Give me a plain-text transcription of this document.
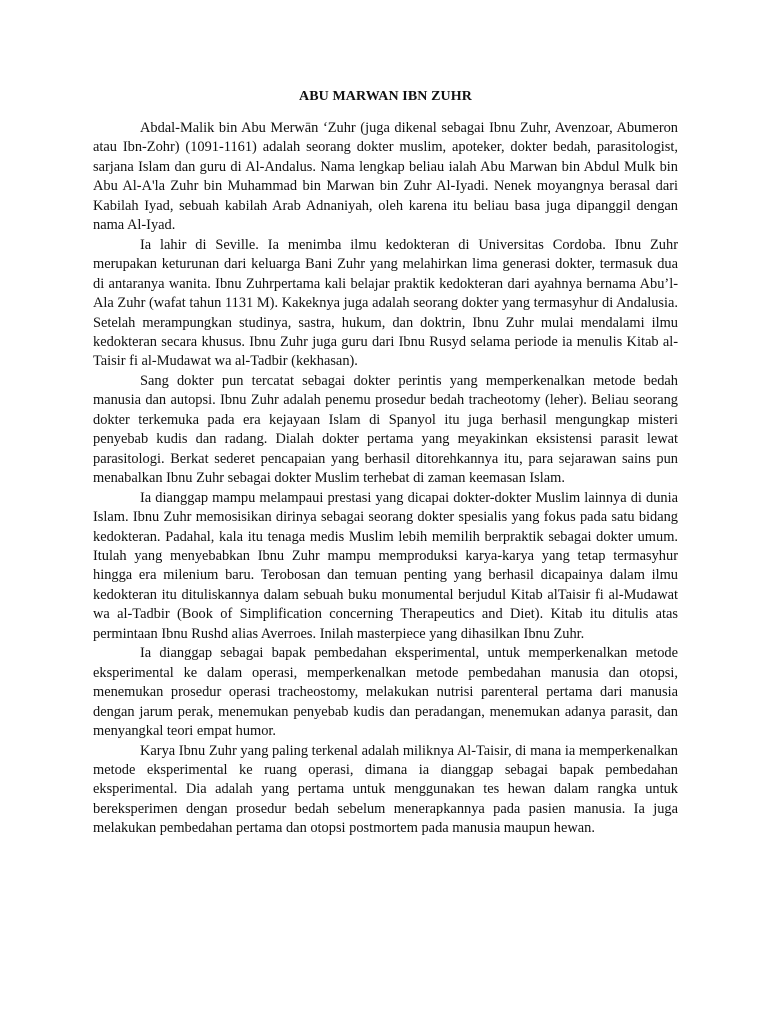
ABU MARWAN IBN ZUHR

Abdal-Malik bin Abu Merwān ‘Zuhr (juga dikenal sebagai Ibnu Zuhr, Avenzoar, Abumeron atau Ibn-Zohr) (1091-1161) adalah seorang dokter muslim, apoteker, dokter bedah, parasitologist, sarjana Islam dan guru di Al-Andalus. Nama lengkap beliau ialah Abu Marwan bin Abdul Mulk bin Abu Al-A'la Zuhr bin Muhammad bin Marwan bin Zuhr Al-Iyadi. Nenek moyangnya berasal dari Kabilah Iyad, sebuah kabilah Arab Adnaniyah, oleh karena itu beliau basa juga dipanggil dengan nama Al-Iyad.

Ia lahir di Seville. Ia menimba ilmu kedokteran di Universitas Cordoba. Ibnu Zuhr merupakan keturunan dari keluarga Bani Zuhr yang melahirkan lima generasi dokter, termasuk dua di antaranya wanita. Ibnu Zuhrpertama kali belajar praktik kedokteran dari ayahnya bernama Abu’l-Ala Zuhr (wafat tahun 1131 M). Kakeknya juga adalah seorang dokter yang termasyhur di Andalusia. Setelah merampungkan studinya, sastra, hukum, dan doktrin, Ibnu Zuhr mulai mendalami ilmu kedokteran secara khusus. Ibnu Zuhr juga guru dari Ibnu Rusyd selama periode ia menulis Kitab al-Taisir fi al-Mudawat wa al-Tadbir (kekhasan).

Sang dokter pun tercatat sebagai dokter perintis yang memperkenalkan metode bedah manusia dan autopsi. Ibnu Zuhr adalah penemu prosedur bedah tracheotomy (leher). Beliau seorang dokter terkemuka pada era kejayaan Islam di Spanyol itu juga berhasil mengungkap misteri penyebab kudis dan radang. Dialah dokter pertama yang meyakinkan eksistensi parasit lewat parasitologi. Berkat sederet pencapaian yang berhasil ditorehkannya itu, para sejarawan sains pun menabalkan Ibnu Zuhr sebagai dokter Muslim terhebat di zaman keemasan Islam.

Ia dianggap mampu melampaui prestasi yang dicapai dokter-dokter Muslim lainnya di dunia Islam. Ibnu Zuhr memosisikan dirinya sebagai seorang dokter spesialis yang fokus pada satu bidang kedokteran. Padahal, kala itu tenaga medis Muslim lebih memilih berpraktik sebagai dokter umum. Itulah yang menyebabkan Ibnu Zuhr mampu memproduksi karya-karya yang tetap termasyhur hingga era milenium baru. Terobosan dan temuan penting yang berhasil dicapainya dalam ilmu kedokteran itu dituliskannya dalam sebuah buku monumental berjudul Kitab alTaisir fi al-Mudawat wa al-Tadbir (Book of Simplification concerning Therapeutics and Diet). Kitab itu ditulis atas permintaan Ibnu Rushd alias Averroes. Inilah masterpiece yang dihasilkan Ibnu Zuhr.

Ia dianggap sebagai bapak pembedahan eksperimental, untuk memperkenalkan metode eksperimental ke dalam operasi, memperkenalkan metode pembedahan manusia dan otopsi, menemukan prosedur operasi tracheostomy, melakukan nutrisi parenteral pertama dari manusia dengan jarum perak, menemukan penyebab kudis dan peradangan, menemukan adanya parasit, dan menyangkal teori empat humor.

Karya Ibnu Zuhr yang paling terkenal adalah miliknya Al-Taisir, di mana ia memperkenalkan metode eksperimental ke ruang operasi, dimana ia dianggap sebagai bapak pembedahan eksperimental. Dia adalah yang pertama untuk menggunakan tes hewan dalam rangka untuk bereksperimen dengan prosedur bedah sebelum menerapkannya pada pasien manusia. Ia juga melakukan pembedahan pertama dan otopsi postmortem pada manusia maupun hewan.
